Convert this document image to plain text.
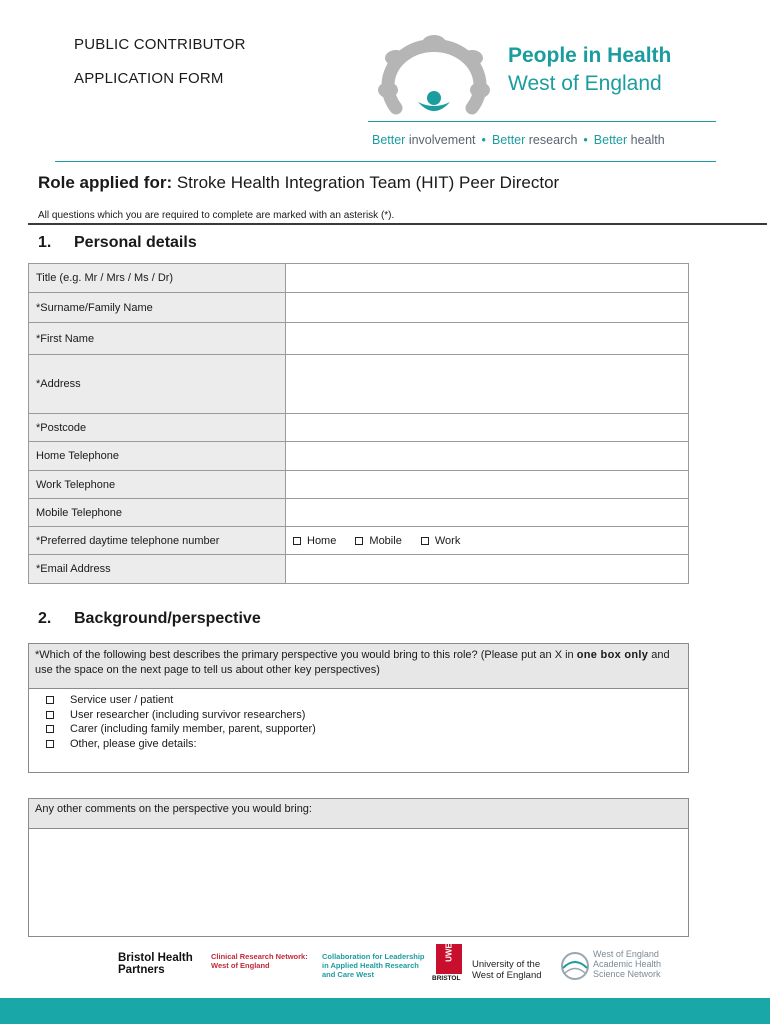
PUBLIC CONTRIBUTOR
APPLICATION FORM
People in Health
West of England
Better involvement • Better research • Better health
Role applied for: Stroke Health Integration Team (HIT) Peer Director
All questions which you are required to complete are marked with an asterisk (*).
1. Personal details
Title (e.g. Mr / Mrs / Ms / Dr)	
*Surname/Family Name	
*First Name	
*Address	
*Postcode	
Home Telephone	
Work Telephone	
Mobile Telephone	
*Preferred daytime telephone number	Home Mobile Work
*Email Address	
2. Background/perspective
*Which of the following best describes the primary perspective you would bring to this role? (Please put an X in one box only and use the space on the next page to tell us about other key perspectives)
Service user / patient
User researcher (including survivor researchers)
Carer (including family member, parent, supporter)
Other, please give details:
Any other comments on the perspective you would bring:
Bristol Health
Partners
Clinical Research Network:
West of England
Collaboration for Leadership
in Applied Health Research
and Care West
UWE
BRISTOL
University of the
West of England
West of England
Academic Health
Science Network
